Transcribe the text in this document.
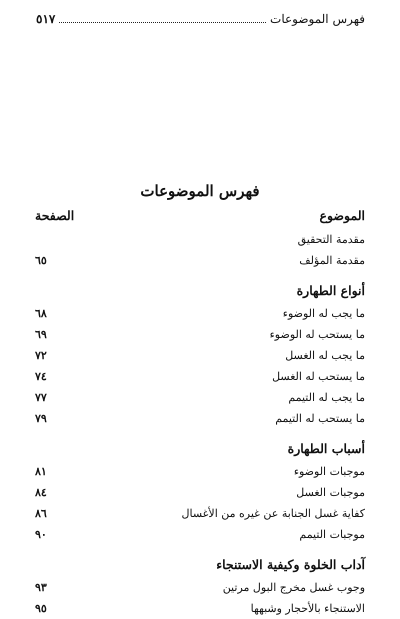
فهرس الموضوعات
٥١٧
فهرس الموضوعات
الموضوع
الصفحة
مقدمة التحقيق
مقدمة المؤلف
٦٥
أنواع الطهارة
ما يجب له الوضوء
٦٨
ما يستحب له الوضوء
٦٩
ما يجب له الغسل
٧٢
ما يستحب له الغسل
٧٤
ما يجب له التيمم
٧٧
ما يستحب له التيمم
٧٩
أسباب الطهارة
موجبات الوضوء
٨١
موجبات الغسل
٨٤
كفاية غسل الجنابة عن غيره من الأغسال
٨٦
موجبات التيمم
٩٠
آداب الخلوة وكيفية الاستنجاء
وجوب غسل مخرج البول مرتين
٩٣
الاستنجاء بالأحجار وشبهها
٩٥
